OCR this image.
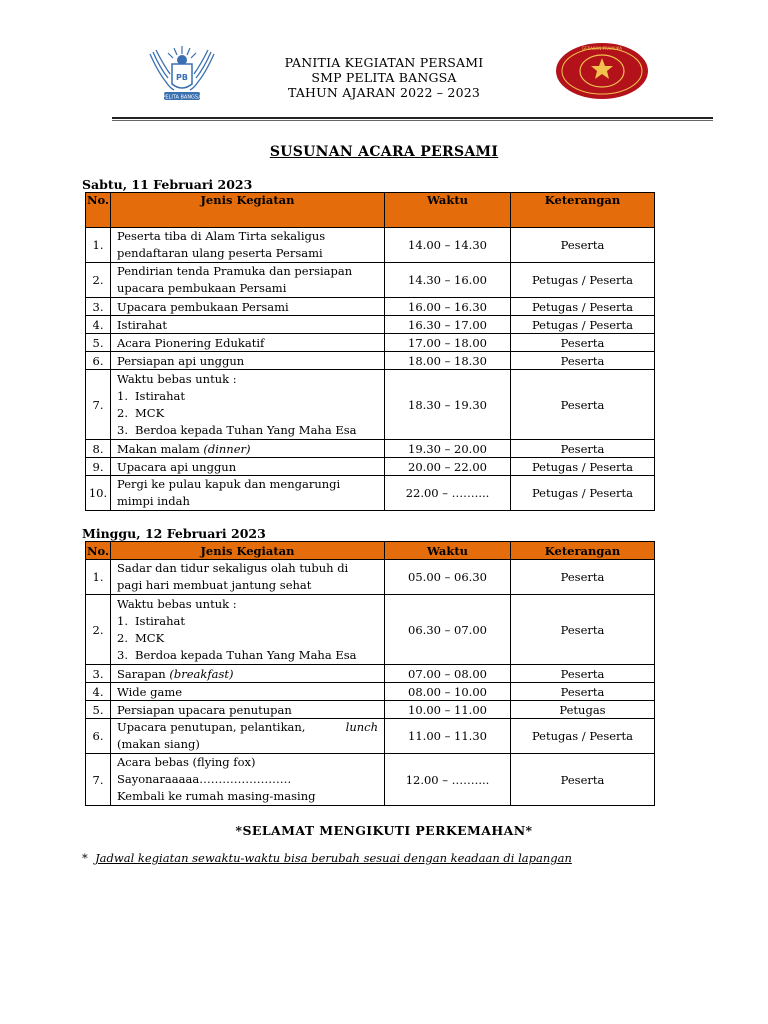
PB
PELITA BANGSA
PANITIA KEGIATAN PERSAMI
SMP PELITA BANGSA
TAHUN AJARAN 2022 – 2023
GERAKAN PRAMUKA
SUSUNAN ACARA PERSAMI
Sabtu, 11 Februari 2023
No.	Jenis Kegiatan	Waktu	Keterangan
1.	Peserta tiba di Alam Tirta sekaligus
pendaftaran ulang peserta Persami	14.00 – 14.30	Peserta
2.	Pendirian tenda Pramuka dan persiapan
upacara pembukaan Persami	14.30 – 16.00	Petugas / Peserta
3.	Upacara pembukaan Persami	16.00 – 16.30	Petugas / Peserta
4.	Istirahat	16.30 – 17.00	Petugas / Peserta
5.	Acara Pionering Edukatif	17.00 – 18.00	Peserta
6.	Persiapan api unggun	18.00 – 18.30	Peserta
7.	Waktu bebas untuk :
1. Istirahat
2. MCK
3. Berdoa kepada Tuhan Yang Maha Esa	18.30 – 19.30	Peserta
8.	Makan malam (dinner)	19.30 – 20.00	Peserta
9.	Upacara api unggun	20.00 – 22.00	Petugas / Peserta
10.	Pergi ke pulau kapuk dan mengarungi
mimpi indah	22.00 – ……....	Petugas / Peserta
Minggu, 12 Februari 2023
No.	Jenis Kegiatan	Waktu	Keterangan
1.	Sadar dan tidur sekaligus olah tubuh di
pagi hari membuat jantung sehat	05.00 – 06.30	Peserta
2.	Waktu bebas untuk :
1. Istirahat
2. MCK
3. Berdoa kepada Tuhan Yang Maha Esa	06.30 – 07.00	Peserta
3.	Sarapan (breakfast)	07.00 – 08.00	Peserta
4.	Wide game	08.00 – 10.00	Peserta
5.	Persiapan upacara penutupan	10.00 – 11.00	Petugas
6.	Upacara penutupan, pelantikan, lunch
(makan siang)	11.00 – 11.30	Petugas / Peserta
7.	Acara bebas (flying fox)
Sayonaraaaaa……………………
Kembali ke rumah masing-masing	12.00 – ……....	Peserta
*SELAMAT MENGIKUTI PERKEMAHAN*
* Jadwal kegiatan sewaktu-waktu bisa berubah sesuai dengan keadaan di lapangan
